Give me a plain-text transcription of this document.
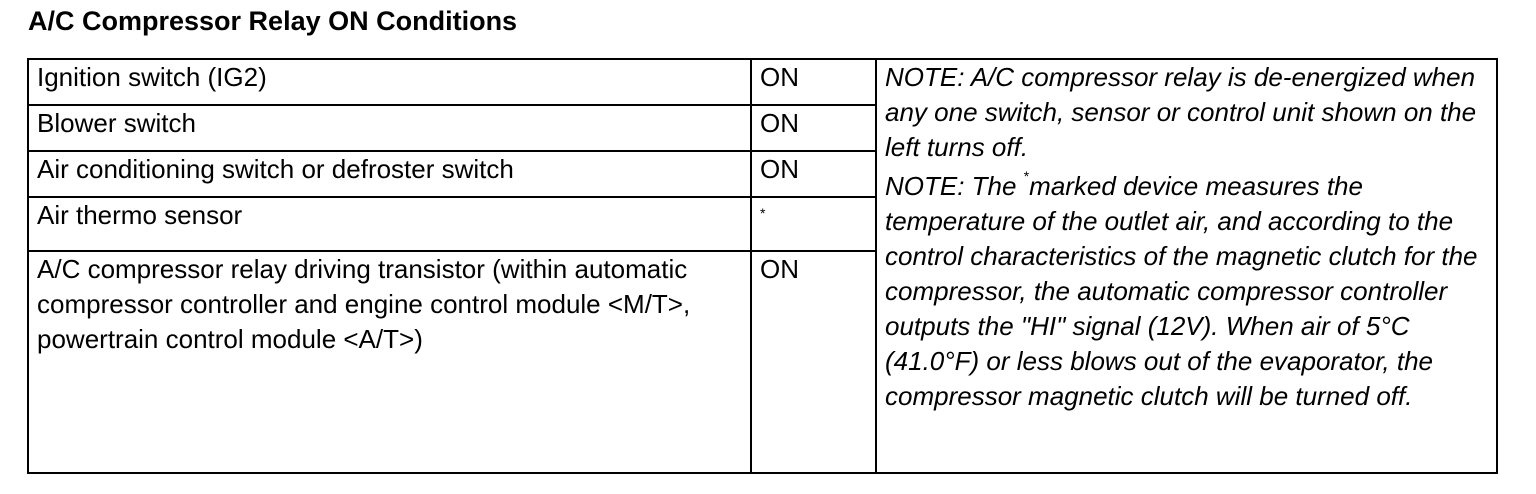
A/C Compressor Relay ON Conditions
Ignition switch (IG2)	ON	NOTE: A/C compressor relay is de-energized when any one switch, sensor or control unit shown on the left turns off.

NOTE: The *marked device measures the temperature of the outlet air, and according to the control characteristics of the magnetic clutch for the compressor, the automatic compressor controller outputs the "HI" signal (12V). When air of 5°C (41.0°F) or less blows out of the evaporator, the compressor magnetic clutch will be turned off.

Blower switch	ON	
Air conditioning switch or defroster switch	ON	
Air thermo sensor	*	
A/C compressor relay driving transistor (within automatic compressor controller and engine control module <M/T>, powertrain control module <A/T>)	ON	
